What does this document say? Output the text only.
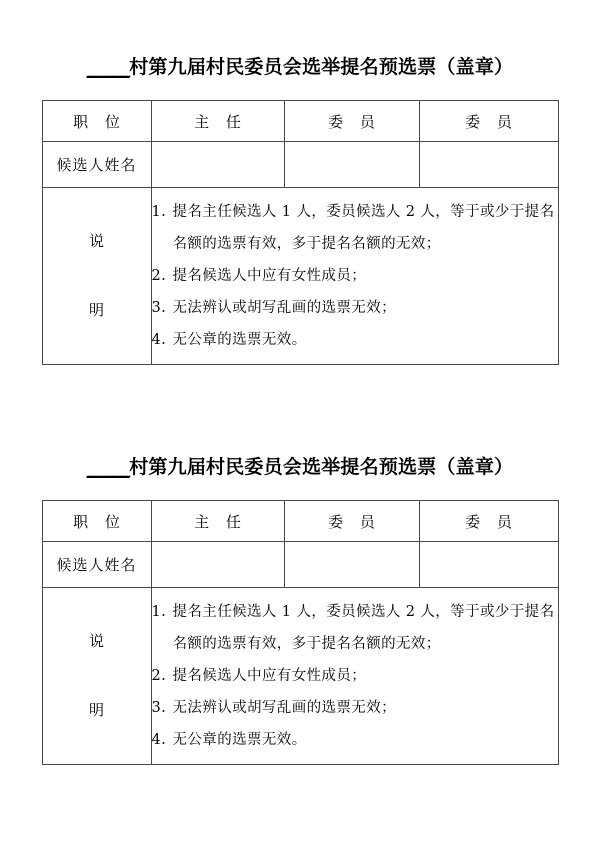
_____村第九届村民委员会选举提名预选票（盖章）
职 位	主 任	委 员	委 员
候选人姓名			

说
明

1. 提名主任候选人 1 人，委员候选人 2 人，等于或少于提名名额的选票有效，多于提名名额的无效；
2. 提名候选人中应有女性成员；
3. 无法辨认或胡写乱画的选票无效；
4. 无公章的选票无效。
_____村第九届村民委员会选举提名预选票（盖章）
职 位	主 任	委 员	委 员
候选人姓名			

说
明

1. 提名主任候选人 1 人，委员候选人 2 人，等于或少于提名名额的选票有效，多于提名名额的无效；
2. 提名候选人中应有女性成员；
3. 无法辨认或胡写乱画的选票无效；
4. 无公章的选票无效。
